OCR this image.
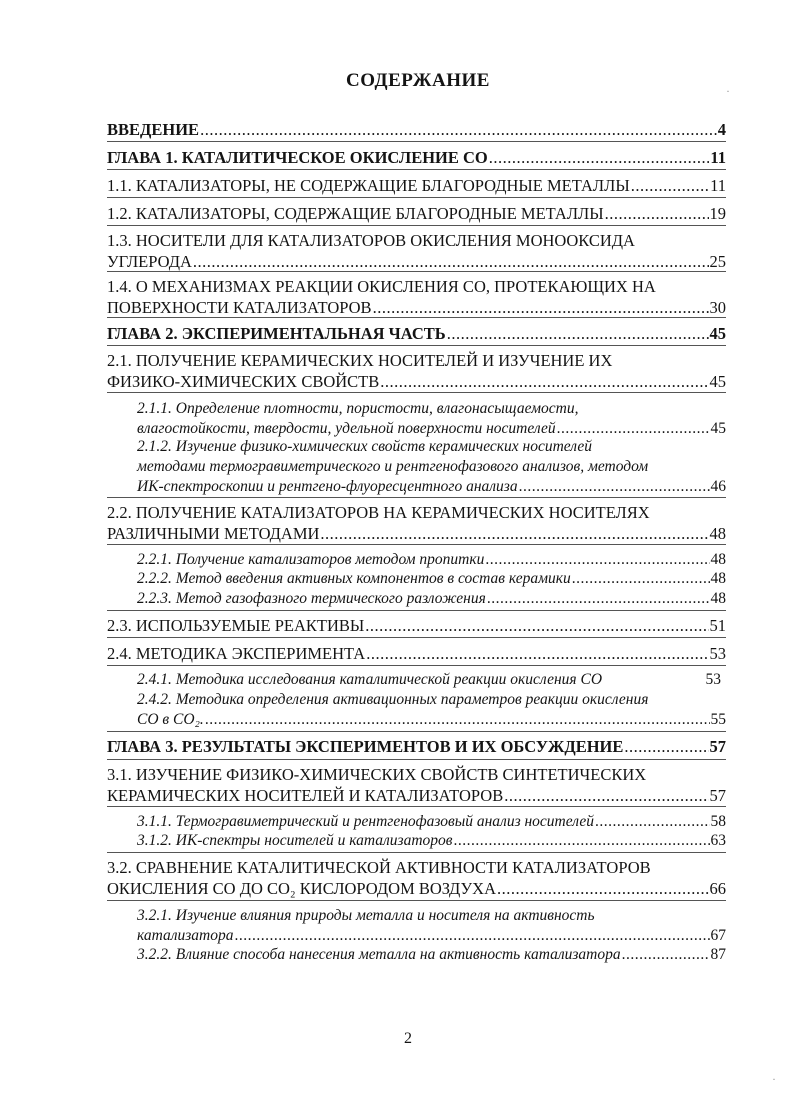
СОДЕРЖАНИЕ
ВВЕДЕНИЕ .....	4
ГЛАВА 1. КАТАЛИТИЧЕСКОЕ ОКИСЛЕНИЕ CO .....	11
1.1. КАТАЛИЗАТОРЫ, НЕ СОДЕРЖАЩИЕ БЛАГОРОДНЫЕ МЕТАЛЛЫ .....	11
1.2. КАТАЛИЗАТОРЫ, СОДЕРЖАЩИЕ БЛАГОРОДНЫЕ МЕТАЛЛЫ .....	19
1.3. НОСИТЕЛИ ДЛЯ КАТАЛИЗАТОРОВ ОКИСЛЕНИЯ МОНООКСИДА
УГЛЕРОДА .....	25
1.4. О МЕХАНИЗМАХ РЕАКЦИИ ОКИСЛЕНИЯ CO, ПРОТЕКАЮЩИХ НА
ПОВЕРХНОСТИ КАТАЛИЗАТОРОВ .....	30
ГЛАВА 2. ЭКСПЕРИМЕНТАЛЬНАЯ ЧАСТЬ .....	45
2.1. ПОЛУЧЕНИЕ КЕРАМИЧЕСКИХ НОСИТЕЛЕЙ И ИЗУЧЕНИЕ ИХ
ФИЗИКО-ХИМИЧЕСКИХ СВОЙСТВ .....	45
2.1.1. Определение плотности, пористости, влагонасыщаемости,
влагостойкости, твердости, удельной поверхности носителей .....	45
2.1.2. Изучение физико-химических свойств керамических носителей
методами термогравиметрического и рентгенофазового анализов, методом
ИК-спектроскопии и рентгено-флуоресцентного анализа .....	46
2.2. ПОЛУЧЕНИЕ КАТАЛИЗАТОРОВ НА КЕРАМИЧЕСКИХ НОСИТЕЛЯХ
РАЗЛИЧНЫМИ МЕТОДАМИ .....	48
2.2.1. Получение катализаторов методом пропитки .....	48
2.2.2. Метод введения активных компонентов в состав керамики .....	48
2.2.3. Метод газофазного термического разложения .....	48
2.3. ИСПОЛЬЗУЕМЫЕ РЕАКТИВЫ .....	51
2.4. МЕТОДИКА ЭКСПЕРИМЕНТА .....	53
2.4.1. Методика исследования каталитической реакции окисления CO	53
2.4.2. Методика определения активационных параметров реакции окисления
CO в CO₂. .....	55
ГЛАВА 3. РЕЗУЛЬТАТЫ ЭКСПЕРИМЕНТОВ И ИХ ОБСУЖДЕНИЕ .....	57
3.1. ИЗУЧЕНИЕ ФИЗИКО-ХИМИЧЕСКИХ СВОЙСТВ СИНТЕТИЧЕСКИХ
КЕРАМИЧЕСКИХ НОСИТЕЛЕЙ И КАТАЛИЗАТОРОВ .....	57
3.1.1. Термогравиметрический и рентгенофазовый анализ носителей .....	58
3.1.2. ИК-спектры носителей и катализаторов .....	63
3.2. СРАВНЕНИЕ КАТАЛИТИЧЕСКОЙ АКТИВНОСТИ КАТАЛИЗАТОРОВ
ОКИСЛЕНИЯ CO ДО CO₂ КИСЛОРОДОМ ВОЗДУХА .....	66
3.2.1. Изучение влияния природы металла и носителя на активность
катализатора .....	67
3.2.2. Влияние способа нанесения металла на активность катализатора .....	87
2
·
·
